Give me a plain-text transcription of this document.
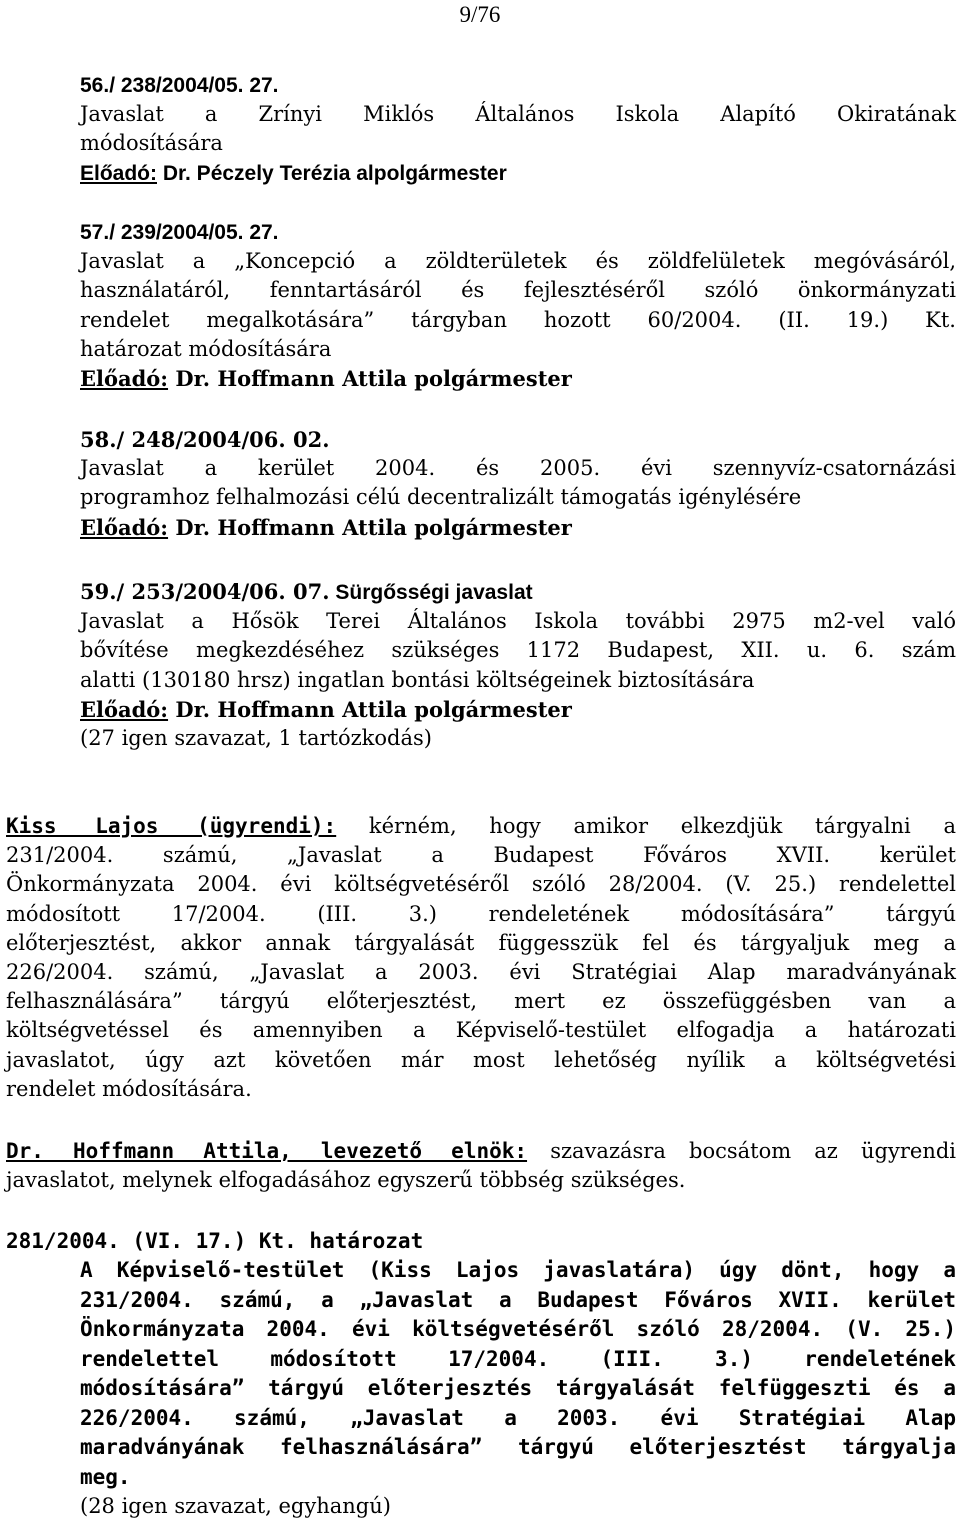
9/76
56./ 238/2004/05. 27.
Javaslat a Zrínyi Miklós Általános Iskola Alapító Okiratának
módosítására
Előadó: Dr. Péczely Terézia alpolgármester
57./ 239/2004/05. 27.
Javaslat a „Koncepció a zöldterületek és zöldfelületek megóvásáról,
használatáról, fenntartásáról és fejlesztéséről szóló önkormányzati
rendelet megalkotására” tárgyban hozott 60/2004. (II. 19.) Kt.
határozat módosítására
Előadó: Dr. Hoffmann Attila polgármester
58./ 248/2004/06. 02.
Javaslat a kerület 2004. és 2005. évi szennyvíz-csatornázási
programhoz felhalmozási célú decentralizált támogatás igénylésére
Előadó: Dr. Hoffmann Attila polgármester
59./ 253/2004/06. 07. Sürgősségi javaslat
Javaslat a Hősök Terei Általános Iskola további 2975 m2-vel való
bővítése megkezdéséhez szükséges 1172 Budapest, XII. u. 6. szám
alatti (130180 hrsz) ingatlan bontási költségeinek biztosítására
Előadó: Dr. Hoffmann Attila polgármester
(27 igen szavazat, 1 tartózkodás)
Kiss Lajos (ügyrendi): kérném, hogy amikor elkezdjük tárgyalni a
231/2004. számú, „Javaslat a Budapest Főváros XVII. kerület
Önkormányzata 2004. évi költségvetéséről szóló 28/2004. (V. 25.) rendelettel
módosított 17/2004. (III. 3.) rendeletének módosítására” tárgyú
előterjesztést, akkor annak tárgyalását függesszük fel és tárgyaljuk meg a
226/2004. számú, „Javaslat a 2003. évi Stratégiai Alap maradványának
felhasználására” tárgyú előterjesztést, mert ez összefüggésben van a
költségvetéssel és amennyiben a Képviselő-testület elfogadja a határozati
javaslatot, úgy azt követően már most lehetőség nyílik a költségvetési
rendelet módosítására.
Dr. Hoffmann Attila, levezető elnök: szavazásra bocsátom az ügyrendi
javaslatot, melynek elfogadásához egyszerű többség szükséges.
281/2004. (VI. 17.) Kt. határozat
A Képviselő-testület (Kiss Lajos javaslatára) úgy dönt, hogy a
231/2004. számú, a „Javaslat a Budapest Főváros XVII. kerület
Önkormányzata 2004. évi költségvetéséről szóló 28/2004. (V. 25.)
rendelettel módosított 17/2004. (III. 3.) rendeletének
módosítására” tárgyú előterjesztés tárgyalását felfüggeszti és a
226/2004. számú, „Javaslat a 2003. évi Stratégiai Alap
maradványának felhasználására” tárgyú előterjesztést tárgyalja
meg.
(28 igen szavazat, egyhangú)
